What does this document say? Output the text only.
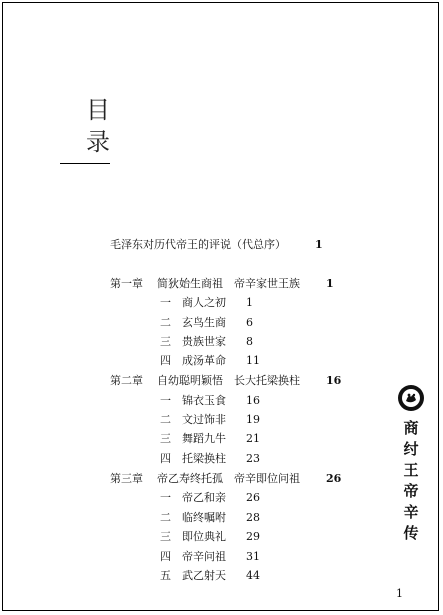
目
录
毛泽东对历代帝王的评说（代总序）	1
第一章 简狄始生商祖　帝辛家世王族 1
一 商人之初 1
二 玄鸟生商 6
三 贵族世家 8
四 成汤革命 11
第二章 自幼聪明颖悟　长大托梁换柱 16
一 锦衣玉食 16
二 文过饰非 19
三 舞蹈九牛 21
四 托梁换柱 23
第三章 帝乙寿终托孤　帝辛即位问祖 26
一 帝乙和亲 26
二 临终嘱咐 28
三 即位典礼 29
四 帝辛问祖 31
五 武乙射天 44
商
纣
王
帝
辛
传
1
